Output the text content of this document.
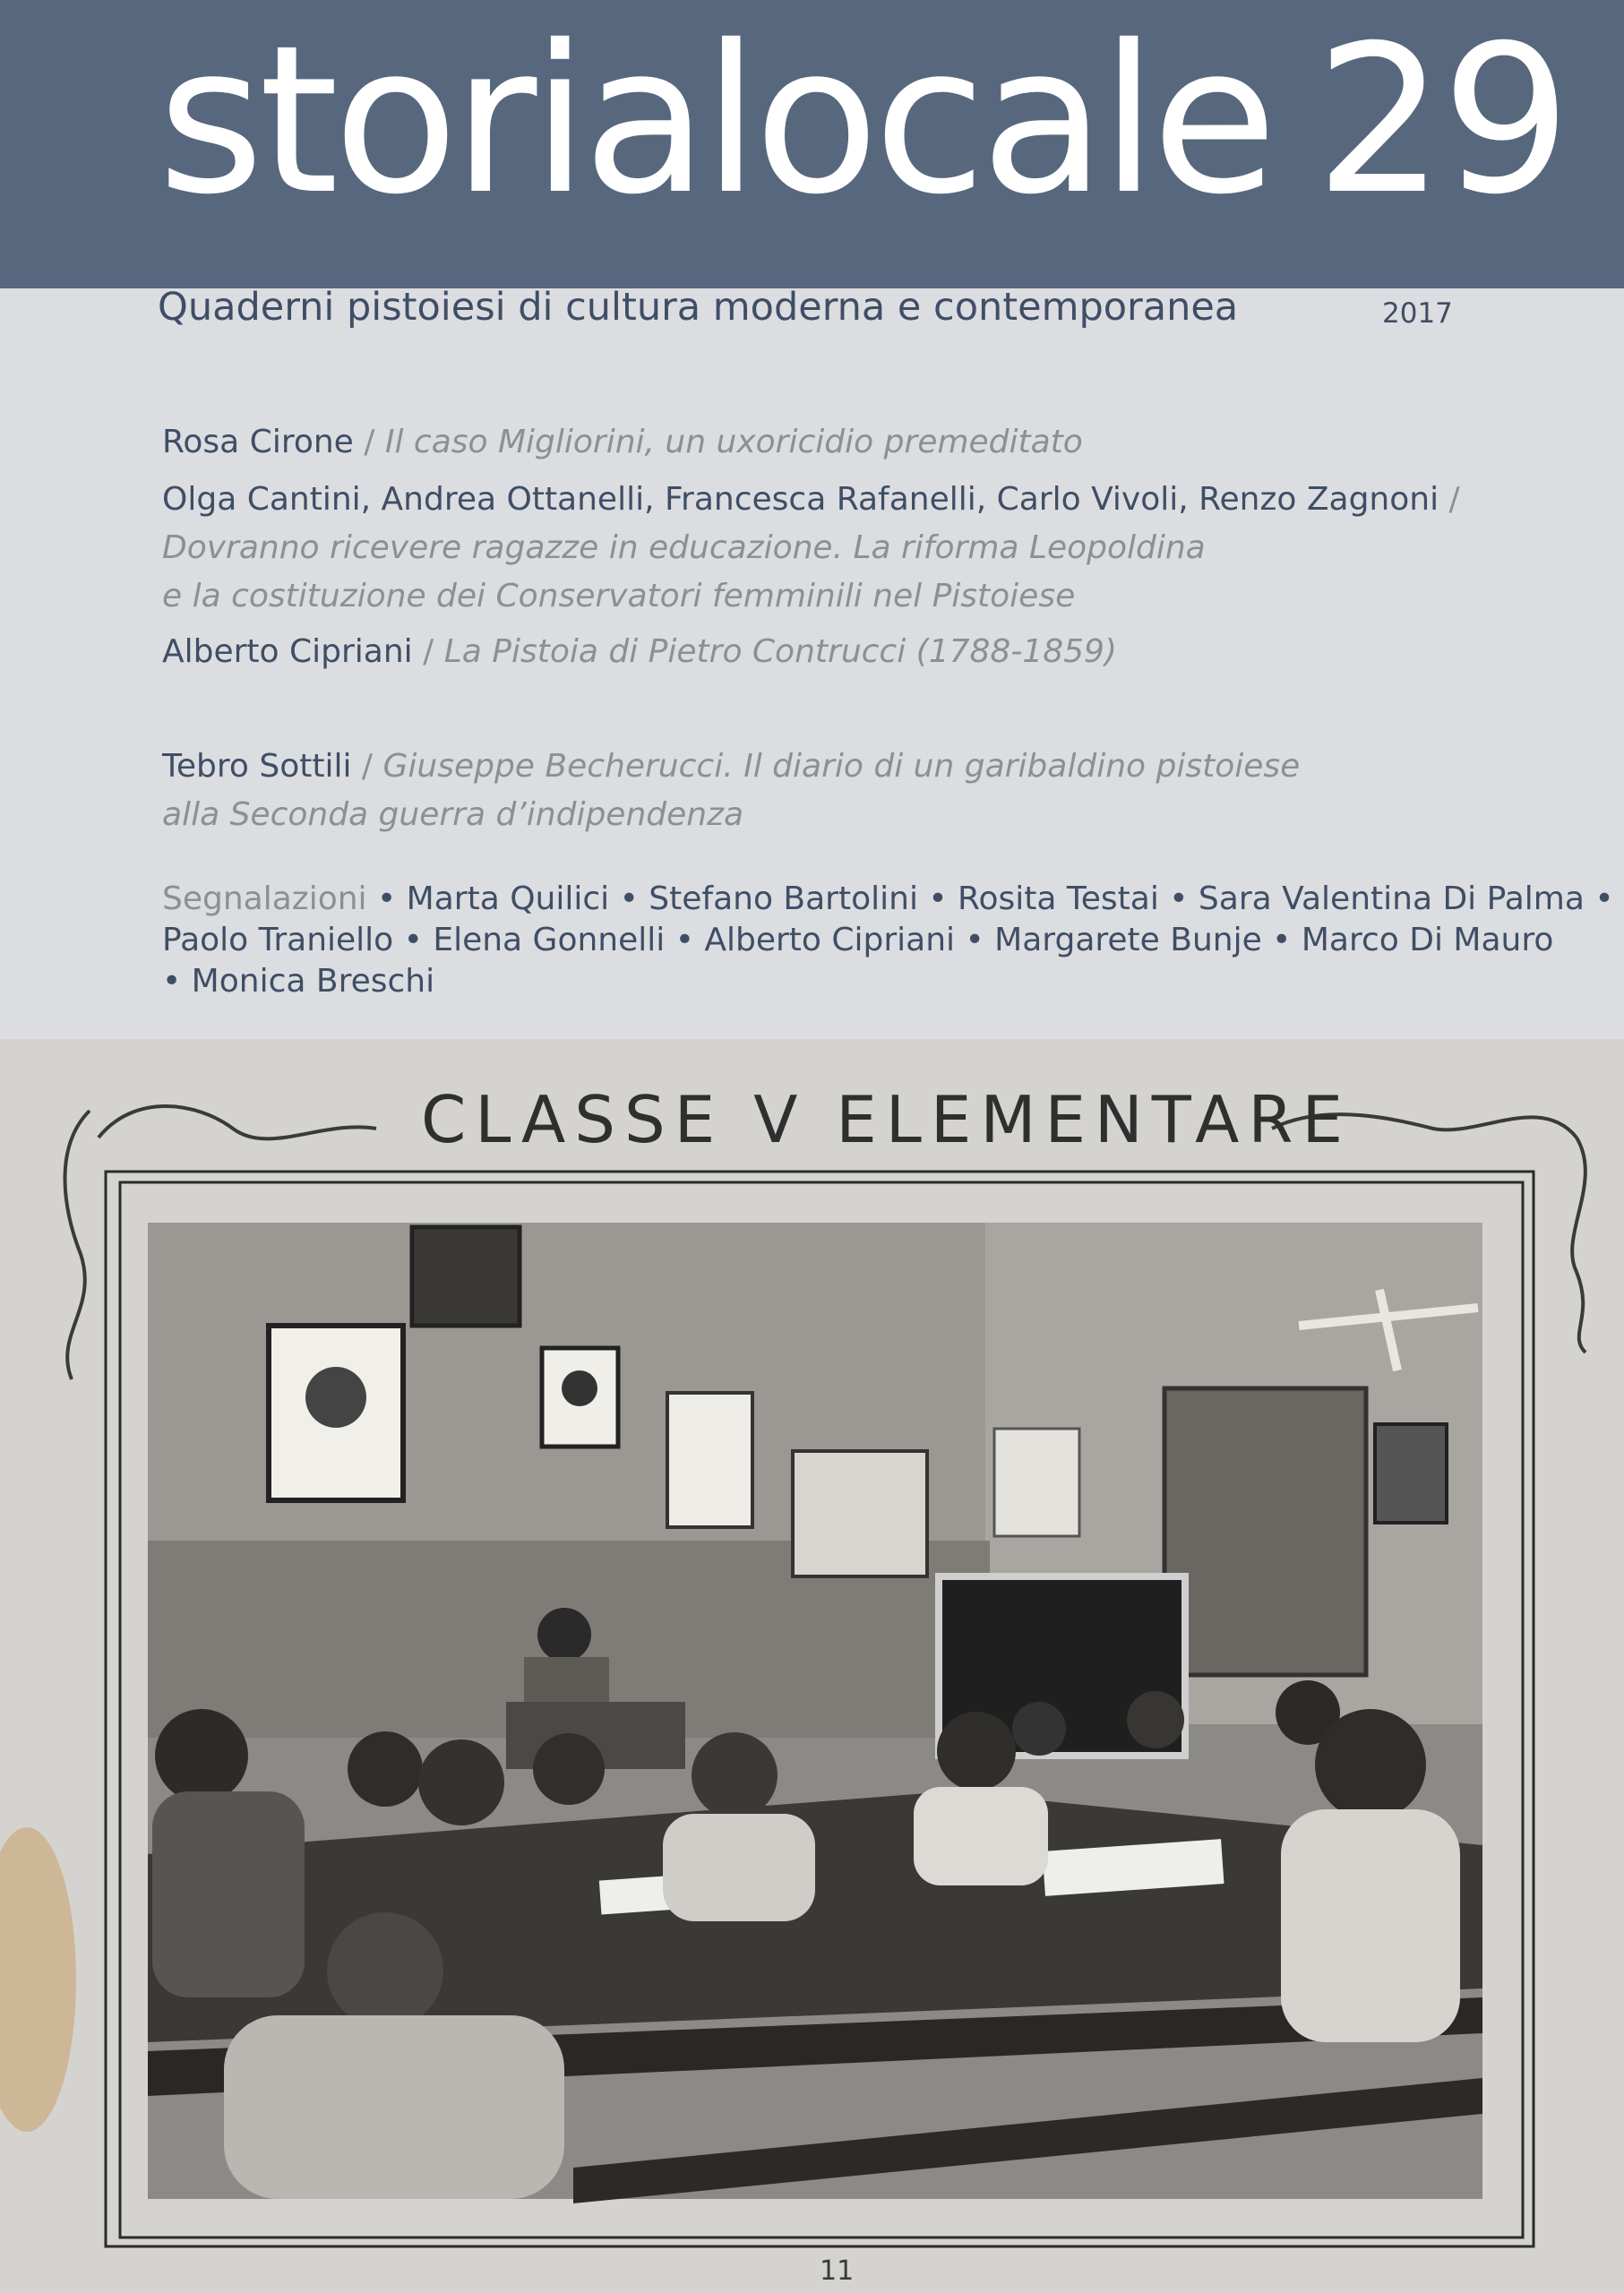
storialocale 29
Quaderni pistoiesi di cultura moderna e contemporanea	2017
Rosa Cirone / Il caso Migliorini, un uxoricidio premeditato
Olga Cantini, Andrea Ottanelli, Francesca Rafanelli, Carlo Vivoli, Renzo Zagnoni /
Dovranno ricevere ragazze in educazione. La riforma Leopoldina
e la costituzione dei Conservatori femminili nel Pistoiese
Alberto Cipriani / La Pistoia di Pietro Contrucci (1788-1859)
Tebro Sottili / Giuseppe Becherucci. Il diario di un garibaldino pistoiese
alla Seconda guerra d’indipendenza
Segnalazioni • Marta Quilici • Stefano Bartolini • Rosita Testai • Sara Valentina Di Palma •
Paolo Traniello • Elena Gonnelli • Alberto Cipriani • Margarete Bunje • Marco Di Mauro
• Monica Breschi
CLASSE V ELEMENTARE
11
